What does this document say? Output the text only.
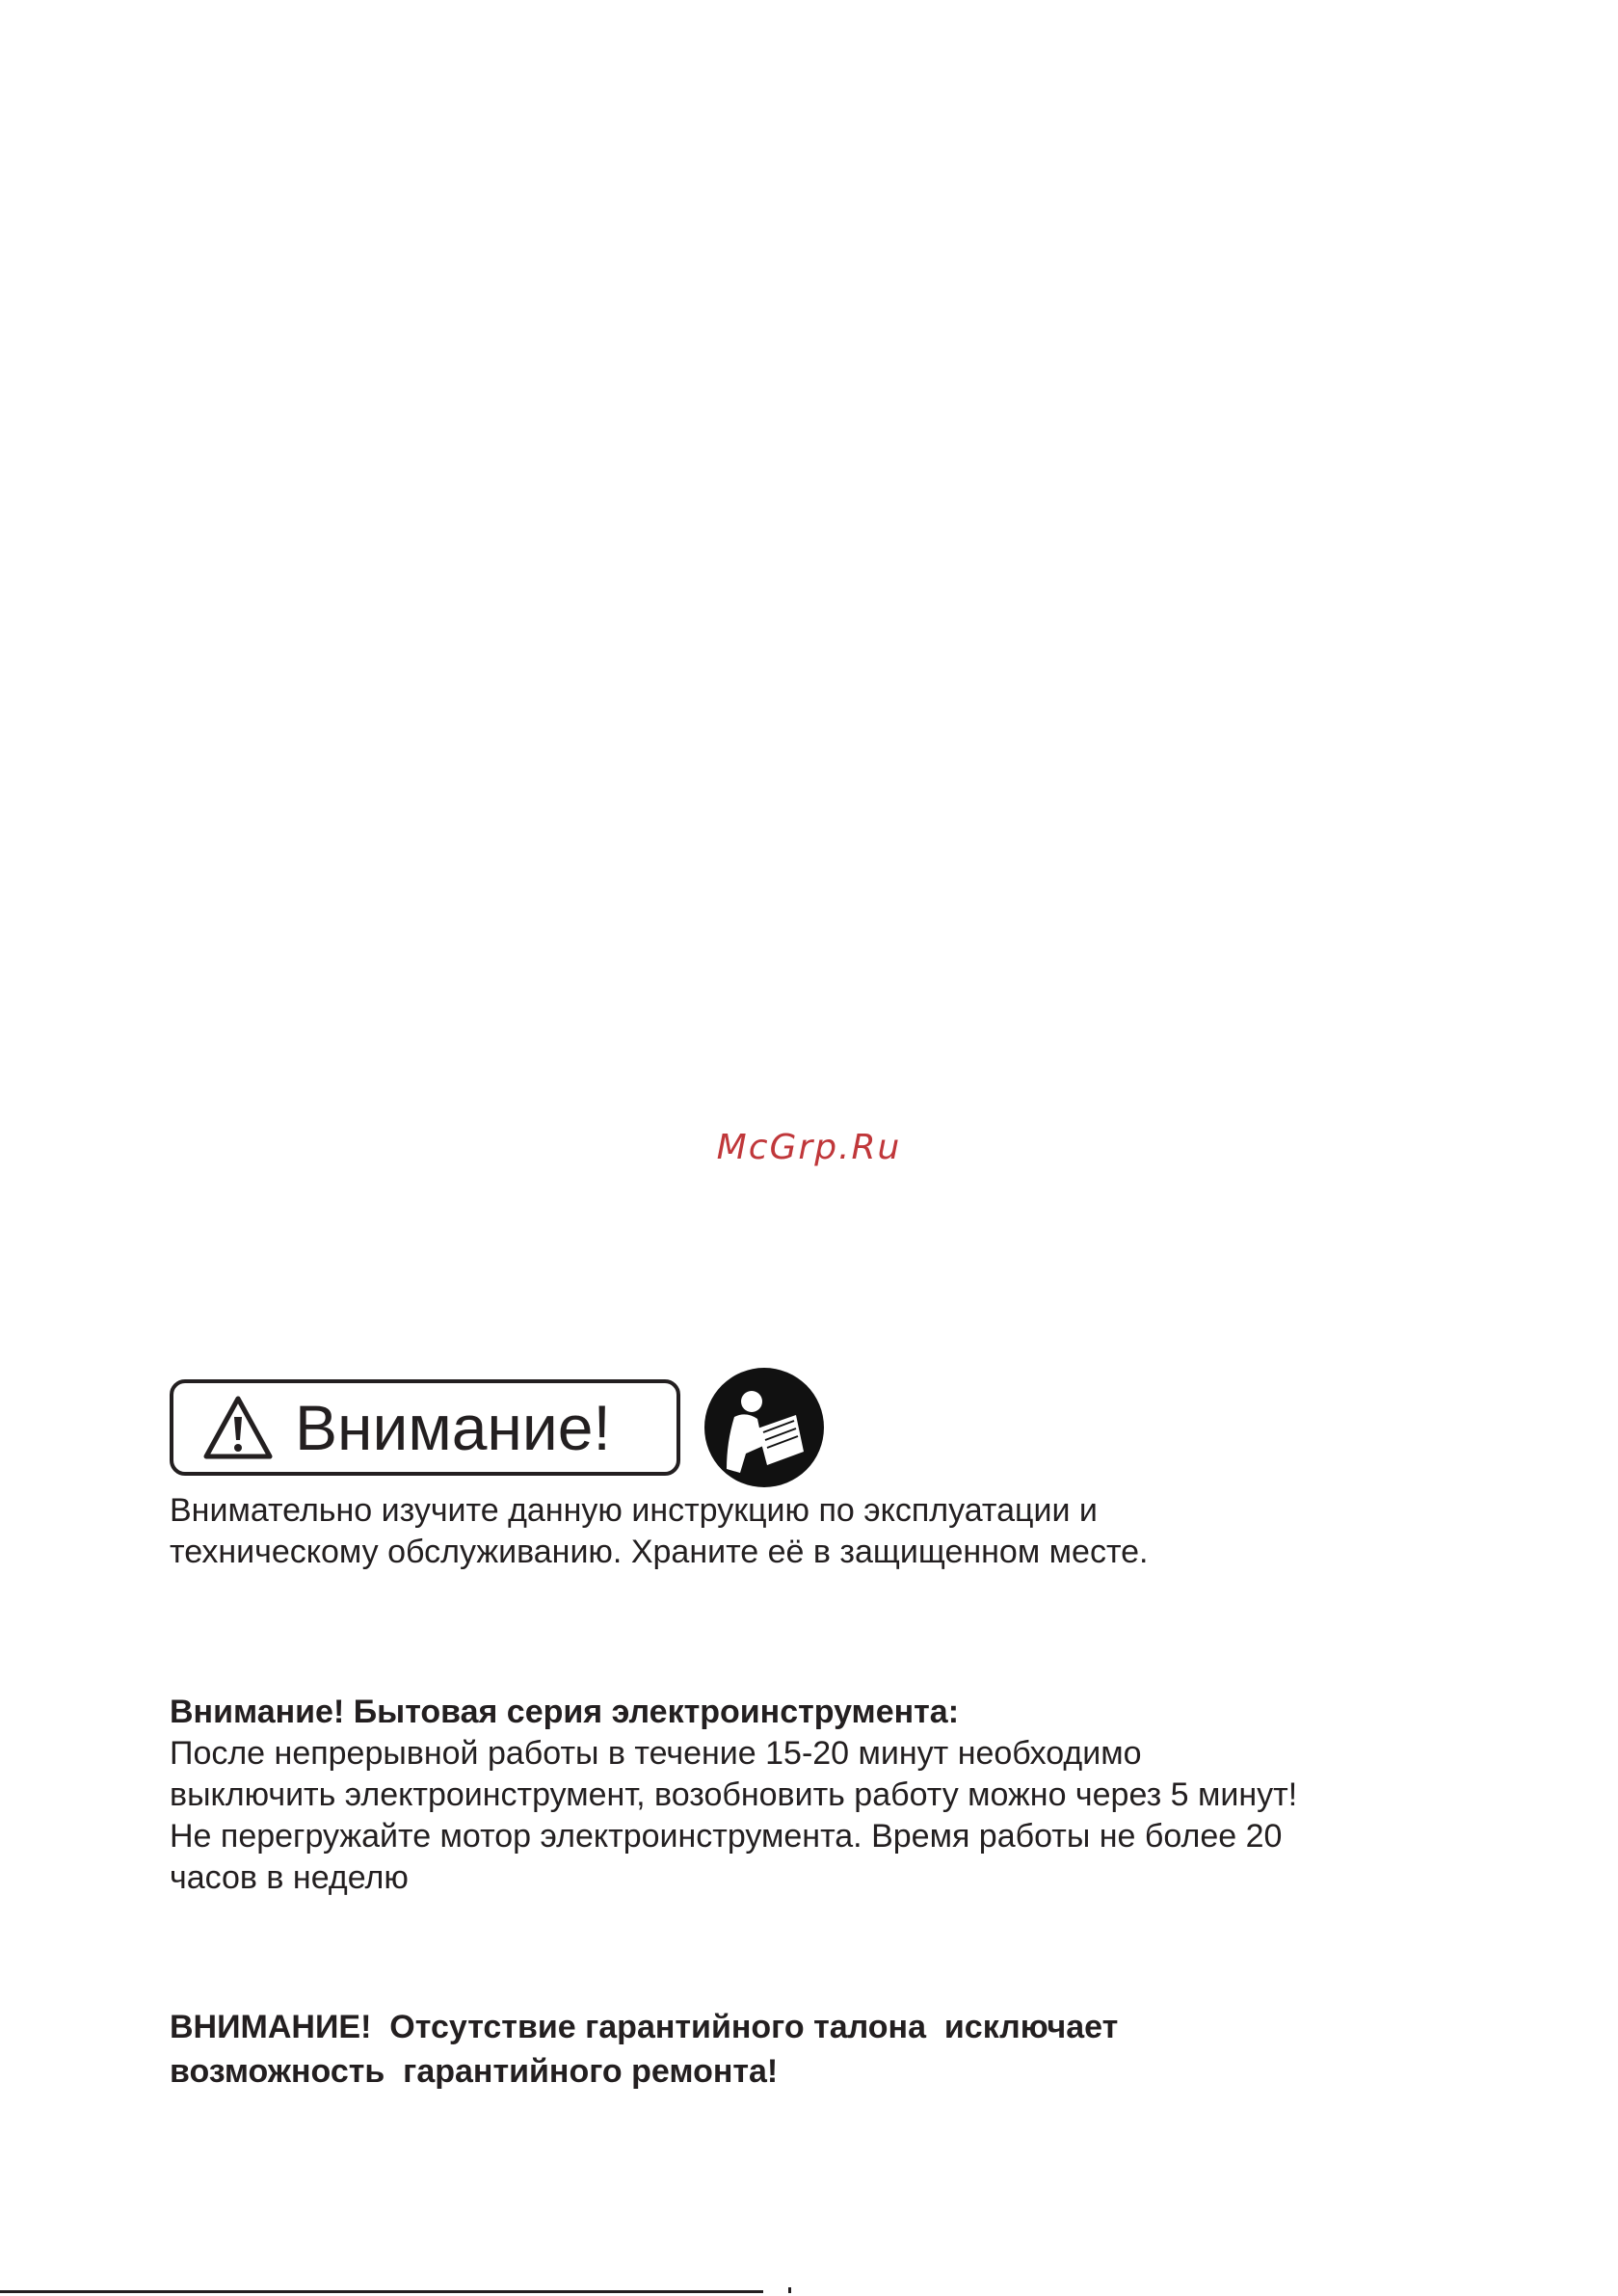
McGrp.Ru
Внимание!
Внимательно изучите данную инструкцию по эксплуатации и
техническому обслуживанию. Храните её в защищенном месте.
Внимание! Бытовая серия электроинструмента:
После непрерывной работы в течение 15-20 минут необходимо
выключить электроинструмент, возобновить работу можно через 5 минут!
Не перегружайте мотор электроинструмента. Время работы не более 20
часов в неделю
ВНИМАНИЕ!  Отсутствие гарантийного талона  исключает
возможность  гарантийного ремонта!
